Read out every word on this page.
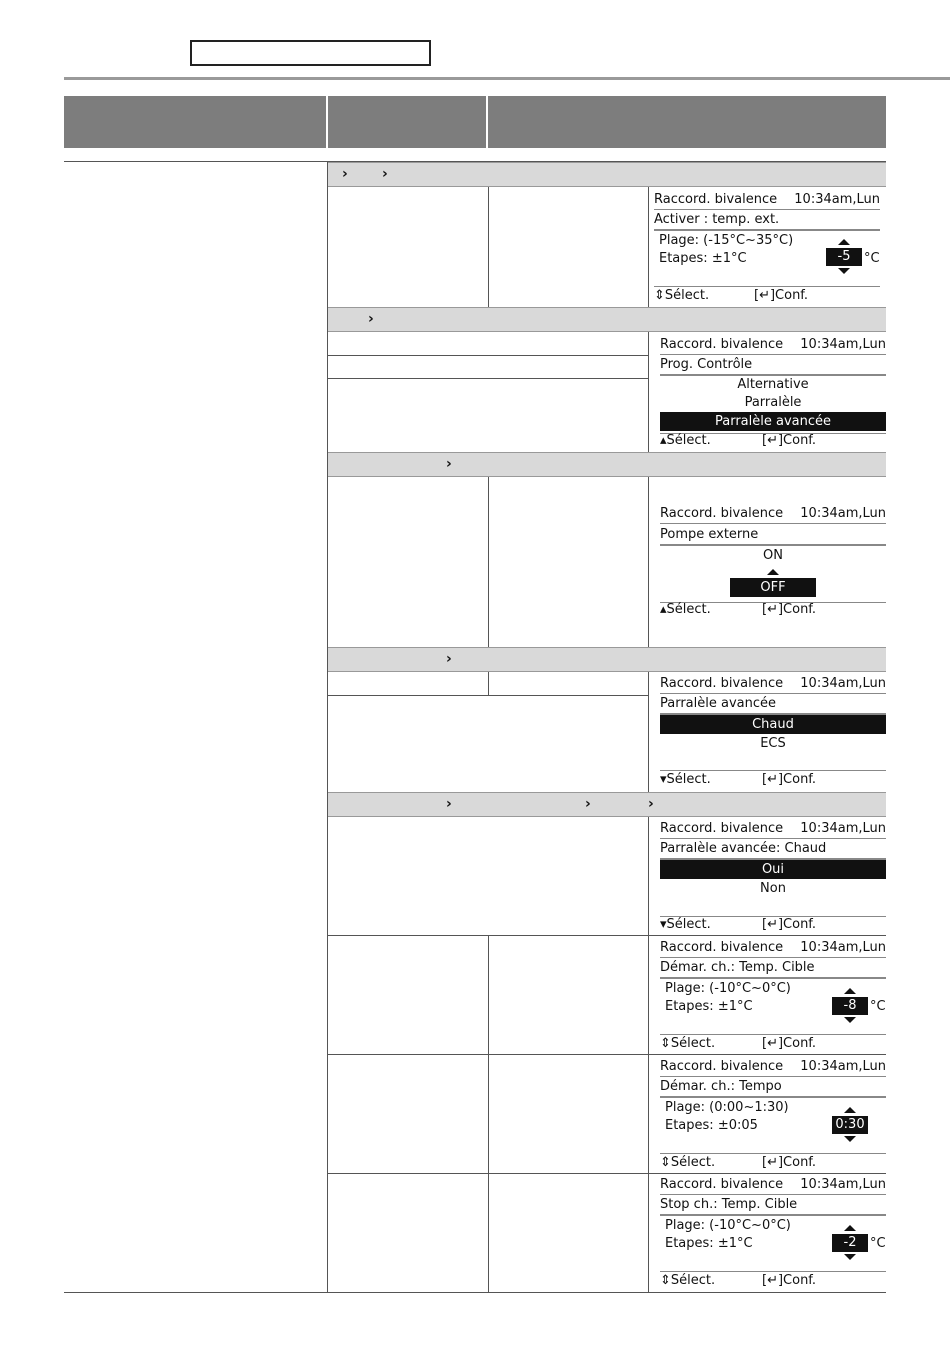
› ›
Raccord. bivalence 10:34am,Lun
Activer : temp. ext.
Plage: (-15°C~35°C)
Etapes: ±1°C	-5	°C
⇕Sélect.	[↵]Conf.
›
Raccord. bivalence 10:34am,Lun
Prog. Contrôle
Alternative
Parralèle
Parralèle avancée
▴Sélect.	[↵]Conf.
›
Raccord. bivalence 10:34am,Lun
Pompe externe
ON
OFF
▴Sélect.	[↵]Conf.
›
Raccord. bivalence 10:34am,Lun
Parralèle avancée
Chaud
ECS
▾Sélect.	[↵]Conf.
›	›	›
Raccord. bivalence 10:34am,Lun
Parralèle avancée: Chaud
Oui
Non
▾Sélect.	[↵]Conf.
Raccord. bivalence 10:34am,Lun
Démar. ch.: Temp. Cible
Plage: (-10°C~0°C)
Etapes: ±1°C	-8	°C
⇕Sélect.	[↵]Conf.
Raccord. bivalence 10:34am,Lun
Démar. ch.: Tempo
Plage: (0:00~1:30)
Etapes: ±0:05	0:30
⇕Sélect.	[↵]Conf.
Raccord. bivalence 10:34am,Lun
Stop ch.: Temp. Cible
Plage: (-10°C~0°C)
Etapes: ±1°C	-2	°C
⇕Sélect.	[↵]Conf.
